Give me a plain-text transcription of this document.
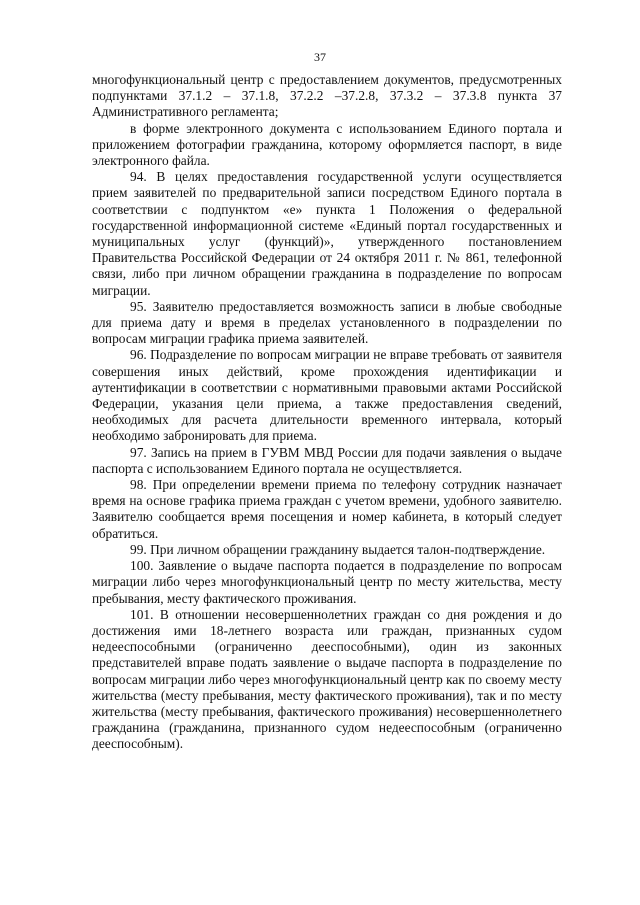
37

многофункциональный центр с предоставлением документов, предусмотренных подпунктами 37.1.2 – 37.1.8, 37.2.2 –37.2.8, 37.3.2 – 37.3.8 пункта 37 Административного регламента;

в форме электронного документа с использованием Единого портала и приложением фотографии гражданина, которому оформляется паспорт, в виде электронного файла.

94. В целях предоставления государственной услуги осуществляется прием заявителей по предварительной записи посредством Единого портала в соответствии с подпунктом «е» пункта 1 Положения о федеральной государственной информационной системе «Единый портал государственных и муниципальных услуг (функций)», утвержденного постановлением Правительства Российской Федерации от 24 октября 2011 г. № 861, телефонной связи, либо при личном обращении гражданина в подразделение по вопросам миграции.

95. Заявителю предоставляется возможность записи в любые свободные для приема дату и время в пределах установленного в подразделении по вопросам миграции графика приема заявителей.

96. Подразделение по вопросам миграции не вправе требовать от заявителя совершения иных действий, кроме прохождения идентификации и аутентификации в соответствии с нормативными правовыми актами Российской Федерации, указания цели приема, а также предоставления сведений, необходимых для расчета длительности временного интервала, который необходимо забронировать для приема.

97. Запись на прием в ГУВМ МВД России для подачи заявления о выдаче паспорта с использованием Единого портала не осуществляется.

98. При определении времени приема по телефону сотрудник назначает время на основе графика приема граждан с учетом времени, удобного заявителю. Заявителю сообщается время посещения и номер кабинета, в который следует обратиться.

99. При личном обращении гражданину выдается талон-подтверждение.

100. Заявление о выдаче паспорта подается в подразделение по вопросам миграции либо через многофункциональный центр по месту жительства, месту пребывания, месту фактического проживания.

101. В отношении несовершеннолетних граждан со дня рождения и до достижения ими 18-летнего возраста или граждан, признанных судом недееспособными (ограниченно дееспособными), один из законных представителей вправе подать заявление о выдаче паспорта в подразделение по вопросам миграции либо через многофункциональный центр как по своему месту жительства (месту пребывания, месту фактического проживания), так и по месту жительства (месту пребывания, фактического проживания) несовершеннолетнего гражданина (гражданина, признанного судом недееспособным (ограниченно дееспособным).
